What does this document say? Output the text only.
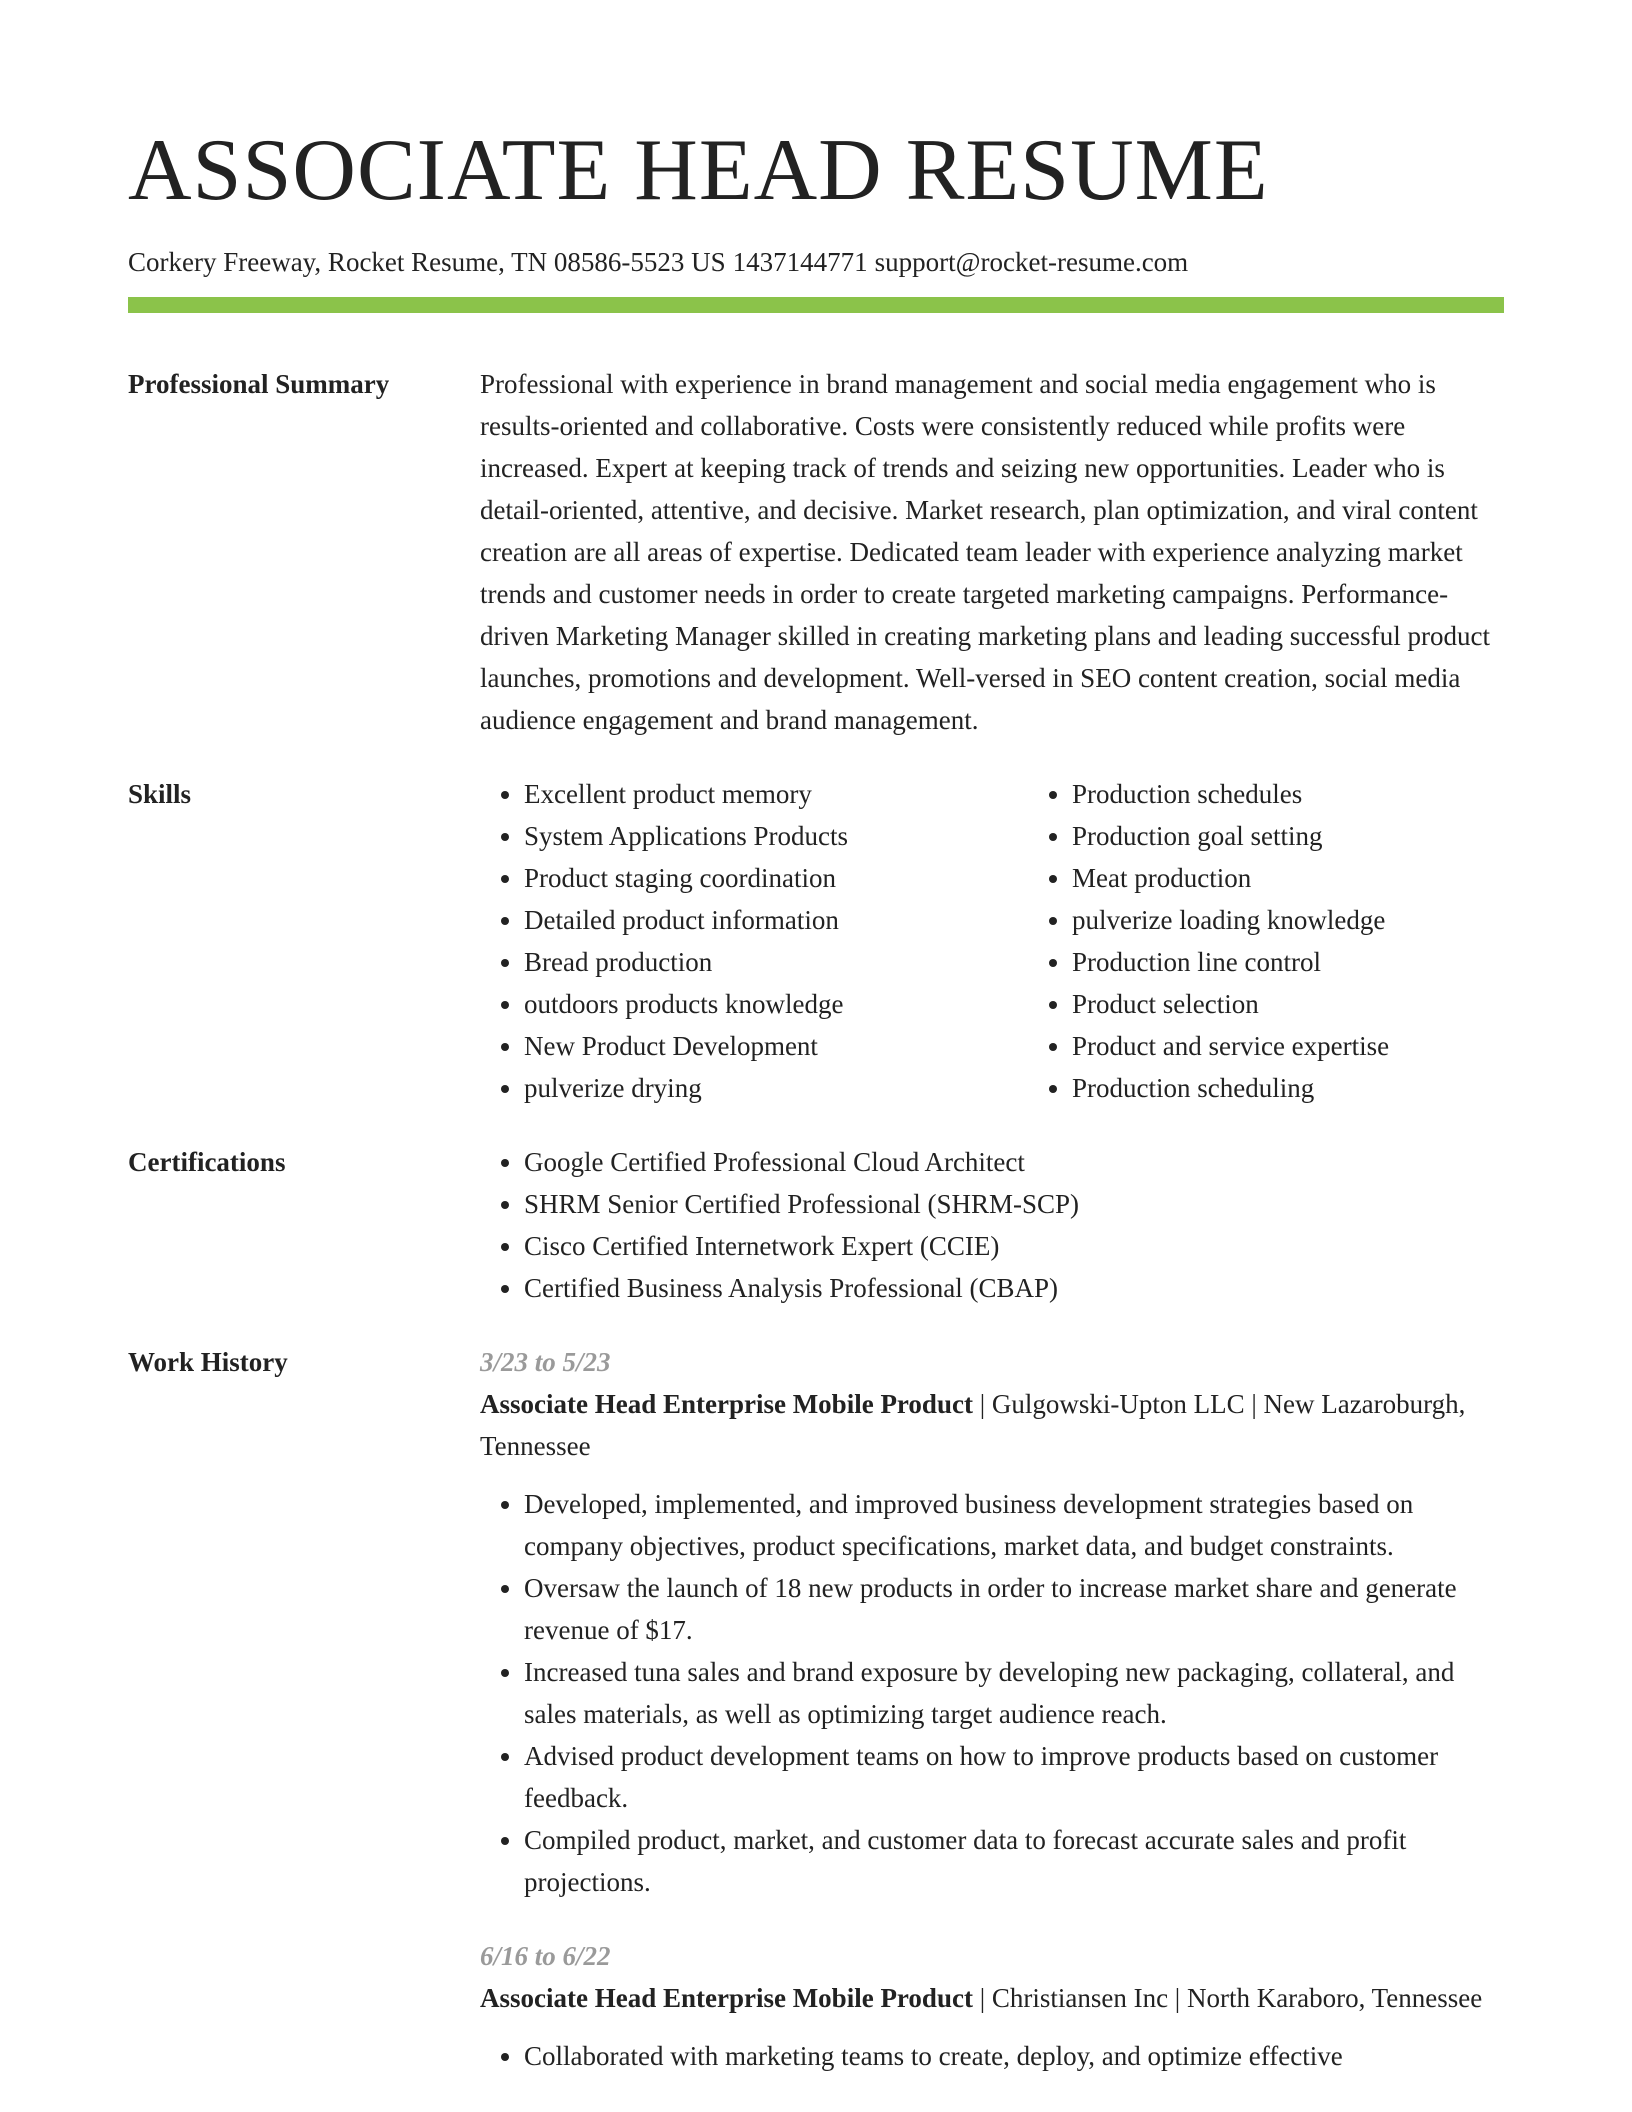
ASSOCIATE HEAD RESUME
Corkery Freeway, Rocket Resume, TN 08586-5523 US 1437144771 support@rocket-resume.com
Professional Summary	Professional with experience in brand management and social media engagement who is results-oriented and collaborative. Costs were consistently reduced while profits were increased. Expert at keeping track of trends and seizing new opportunities. Leader who is detail-oriented, attentive, and decisive. Market research, plan optimization, and viral content creation are all areas of expertise. Dedicated team leader with experience analyzing market trends and customer needs in order to create targeted marketing campaigns. Performance-driven Marketing Manager skilled in creating marketing plans and leading successful product launches, promotions and development. Well-versed in SEO content creation, social media audience engagement and brand management.
Skills	• Excellent product memory
• System Applications Products
• Product staging coordination
• Detailed product information
• Bread production
• outdoors products knowledge
• New Product Development
• pulverize drying
• Production schedules
• Production goal setting
• Meat production
• pulverize loading knowledge
• Production line control
• Product selection
• Product and service expertise
• Production scheduling
Certifications	• Google Certified Professional Cloud Architect
• SHRM Senior Certified Professional (SHRM-SCP)
• Cisco Certified Internetwork Expert (CCIE)
• Certified Business Analysis Professional (CBAP)
Work History	3/23 to 5/23
Associate Head Enterprise Mobile Product | Gulgowski-Upton LLC | New Lazaroburgh, Tennessee
• Developed, implemented, and improved business development strategies based on company objectives, product specifications, market data, and budget constraints.
• Oversaw the launch of 18 new products in order to increase market share and generate revenue of $17.
• Increased tuna sales and brand exposure by developing new packaging, collateral, and sales materials, as well as optimizing target audience reach.
• Advised product development teams on how to improve products based on customer feedback.
• Compiled product, market, and customer data to forecast accurate sales and profit projections.
6/16 to 6/22
Associate Head Enterprise Mobile Product | Christiansen Inc | North Karaboro, Tennessee
• Collaborated with marketing teams to create, deploy, and optimize effective
